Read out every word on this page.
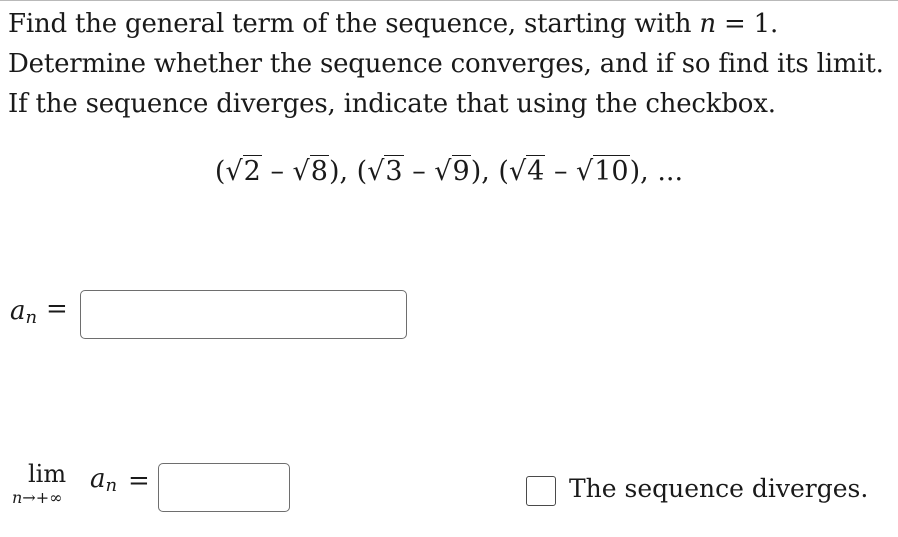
Find the general term of the sequence, starting with n = 1.
Determine whether the sequence converges, and if so find its limit.
If the sequence diverges, indicate that using the checkbox.
(√2 – √8), (√3 – √9), (√4 – √10), ...
an =
lim
n→+∞
an =	The sequence diverges.
